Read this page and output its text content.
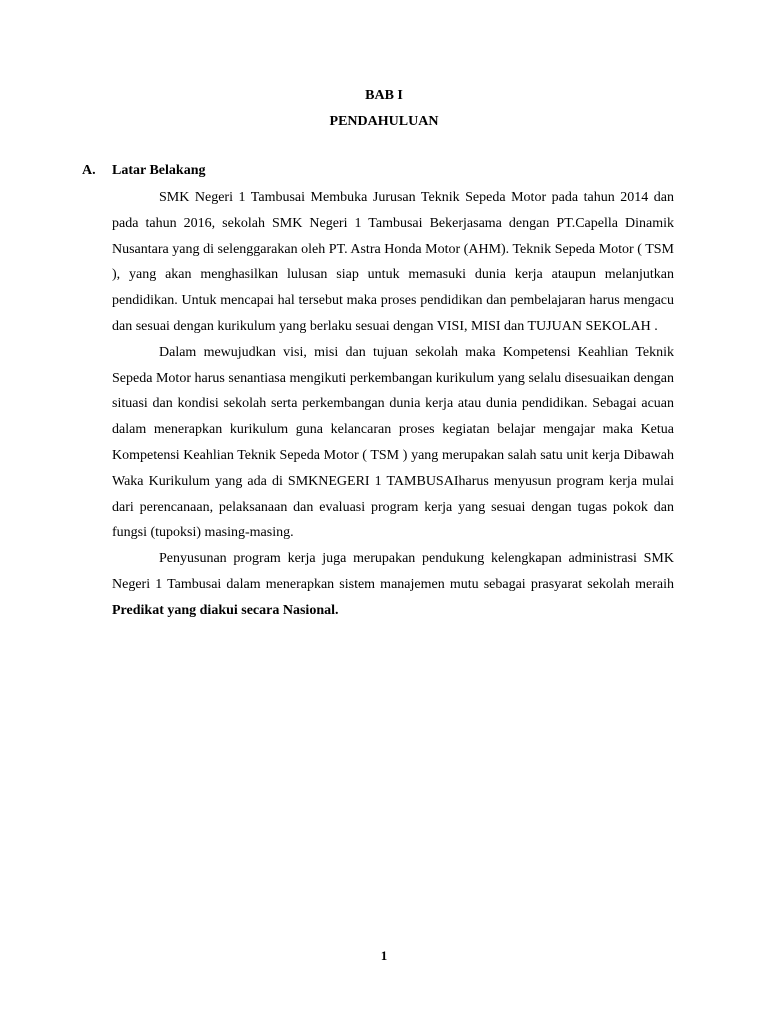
BAB I
PENDAHULUAN
A. Latar Belakang

SMK Negeri 1 Tambusai Membuka Jurusan Teknik Sepeda Motor pada tahun 2014 dan pada tahun 2016, sekolah SMK Negeri 1 Tambusai Bekerjasama dengan PT.Capella Dinamik Nusantara yang di selenggarakan oleh PT. Astra Honda Motor (AHM). Teknik Sepeda Motor ( TSM ), yang akan menghasilkan lulusan siap untuk memasuki dunia kerja ataupun melanjutkan pendidikan. Untuk mencapai hal tersebut maka proses pendidikan dan pembelajaran harus mengacu dan sesuai dengan kurikulum yang berlaku sesuai dengan VISI, MISI dan TUJUAN SEKOLAH .

Dalam mewujudkan visi, misi dan tujuan sekolah maka Kompetensi Keahlian Teknik Sepeda Motor harus senantiasa mengikuti perkembangan kurikulum yang selalu disesuaikan dengan situasi dan kondisi sekolah serta perkembangan dunia kerja atau dunia pendidikan. Sebagai acuan dalam menerapkan kurikulum guna kelancaran proses kegiatan belajar mengajar maka Ketua Kompetensi Keahlian Teknik Sepeda Motor ( TSM ) yang merupakan salah satu unit kerja Dibawah Waka Kurikulum yang ada di SMKNEGERI 1 TAMBUSAIharus menyusun program kerja mulai dari perencanaan, pelaksanaan dan evaluasi program kerja yang sesuai dengan tugas pokok dan fungsi (tupoksi) masing-masing.

Penyusunan program kerja juga merupakan pendukung kelengkapan administrasi SMK Negeri 1 Tambusai dalam menerapkan sistem manajemen mutu sebagai prasyarat sekolah meraih Predikat yang diakui secara Nasional.

1
